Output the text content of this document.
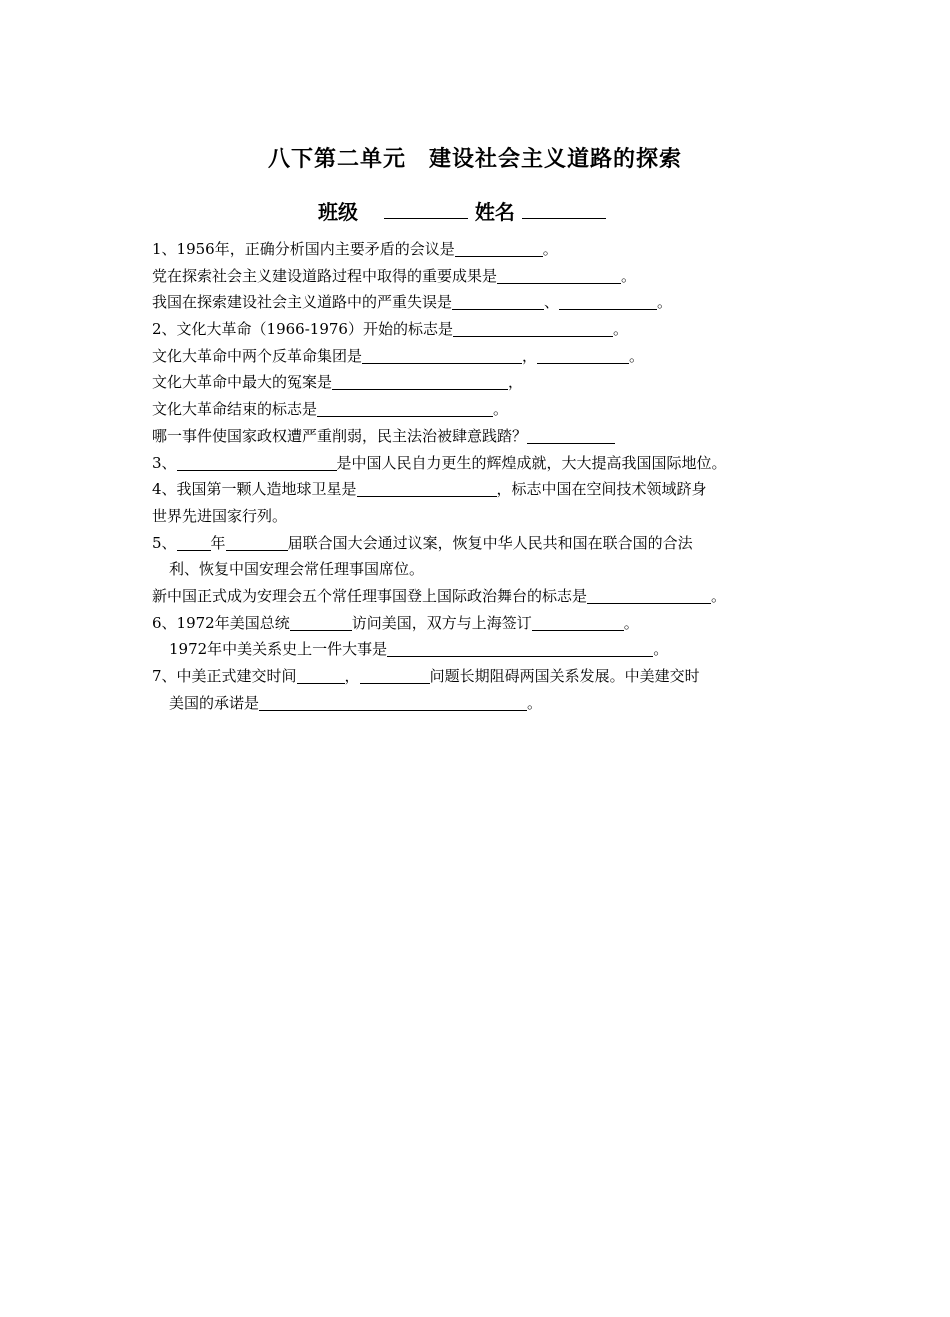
八下第二单元　建设社会主义道路的探索
班级	姓名
1、1956年，正确分析国内主要矛盾的会议是	。
党在探索社会主义建设道路过程中取得的重要成果是	。
我国在探索建设社会主义道路中的严重失误是	、	。
2、文化大革命（1966-1976）开始的标志是	。
文化大革命中两个反革命集团是	，	。
文化大革命中最大的冤案是	，
文化大革命结束的标志是	。
哪一事件使国家政权遭严重削弱，民主法治被肆意践踏？
3、	是中国人民自力更生的辉煌成就，大大提高我国国际地位。
4、我国第一颗人造地球卫星是	，标志中国在空间技术领域跻身
世界先进国家行列。
5、 年	届联合国大会通过议案，恢复中华人民共和国在联合国的合法
利、恢复中国安理会常任理事国席位。
新中国正式成为安理会五个常任理事国登上国际政治舞台的标志是	。
6、1972年美国总统	访问美国，双方与上海签订	。
1972年中美关系史上一件大事是	。
7、中美正式建交时间	，	问题长期阻碍两国关系发展。中美建交时
美国的承诺是	。
